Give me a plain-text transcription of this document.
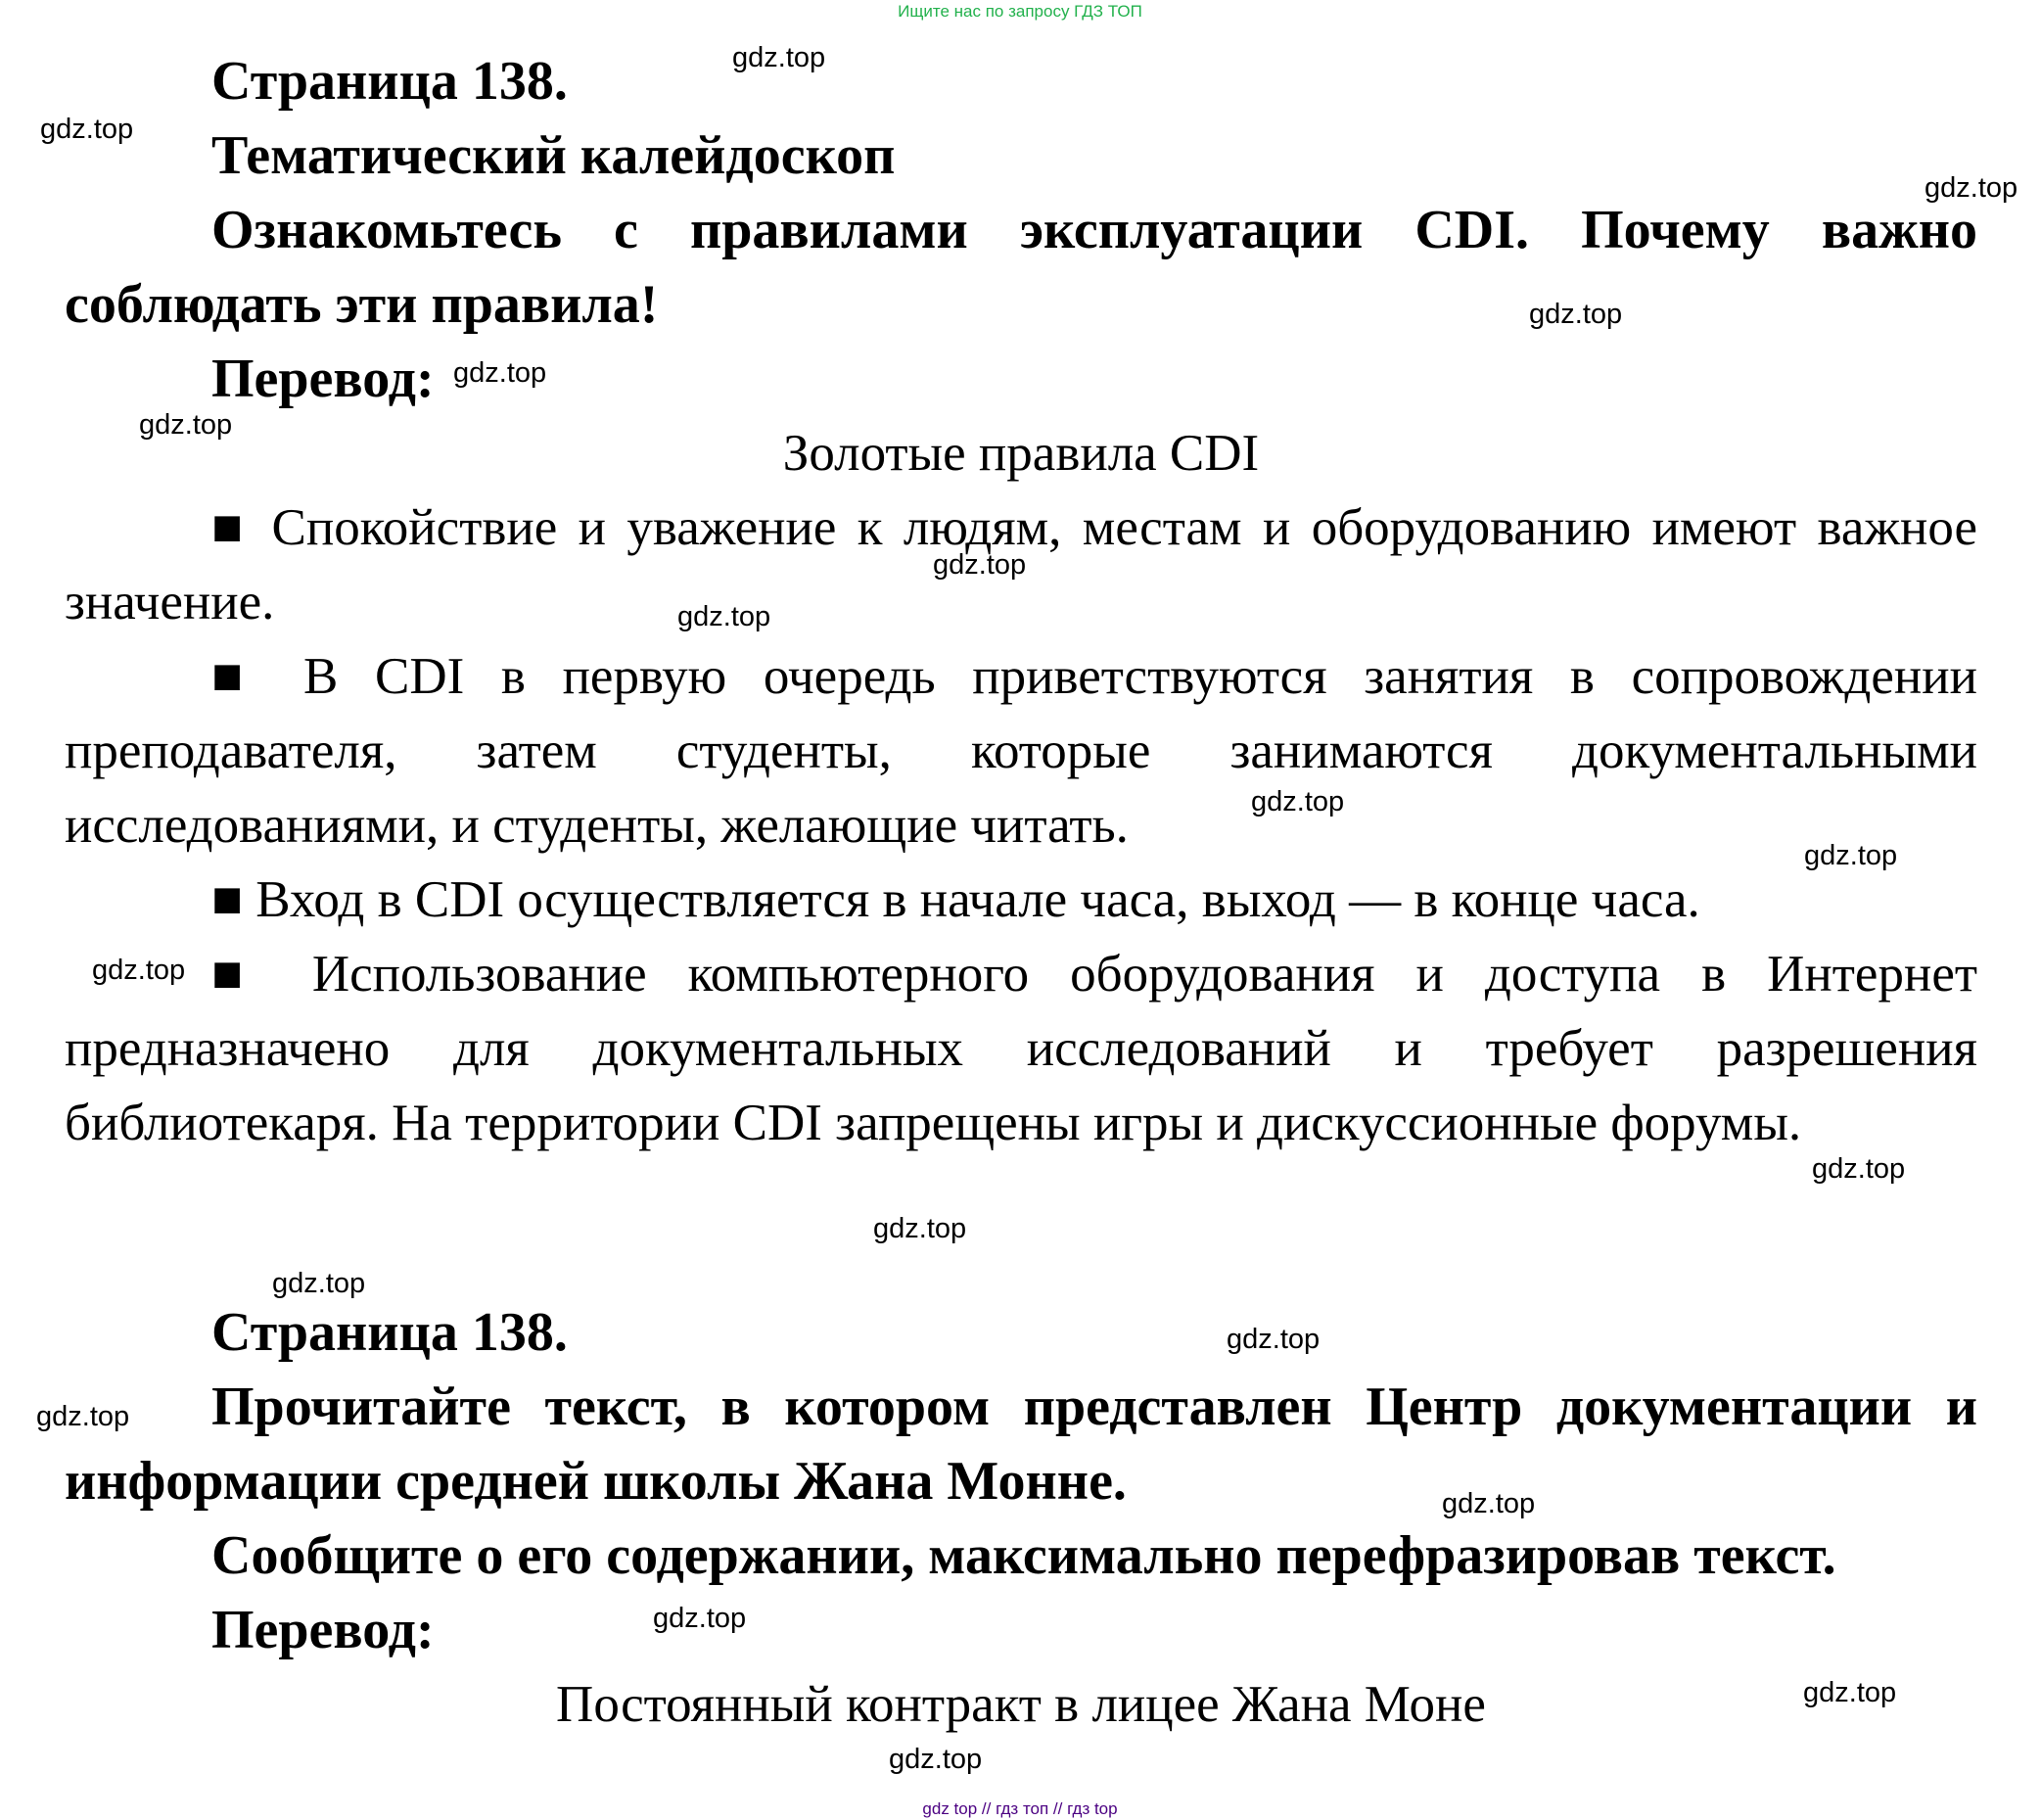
Ищите нас по запросу ГДЗ ТОП
Страница 138.
Тематический калейдоскоп
Ознакомьтесь с правилами эксплуатации CDI. Почему важно соблюдать эти правила!
Перевод:
Золотые правила CDI

■ Спокойствие и уважение к людям, местам и оборудованию имеют важное значение.

■ В CDI в первую очередь приветствуются занятия в сопровождении преподавателя, затем студенты, которые занимаются документальными исследованиями, и студенты, желающие читать.

■ Вход в CDI осуществляется в начале часа, выход — в конце часа.

■ Использование компьютерного оборудования и доступа в Интернет предназначено для документальных исследований и требует разрешения библиотекаря. На территории CDI запрещены игры и дискуссионные форумы.

Страница 138.
Прочитайте текст, в котором представлен Центр документации и информации средней школы Жана Монне.
Сообщите о его содержании, максимально перефразировав текст.
Перевод:
Постоянный контракт в лицее Жана Моне
gdz.top
gdz.top
gdz.top
gdz.top
gdz.top
gdz.top
gdz.top
gdz.top
gdz.top
gdz.top
gdz.top
gdz.top
gdz.top
gdz.top
gdz.top
gdz.top
gdz.top
gdz.top
gdz.top
gdz.top
gdz top // гдз топ // гдз top
